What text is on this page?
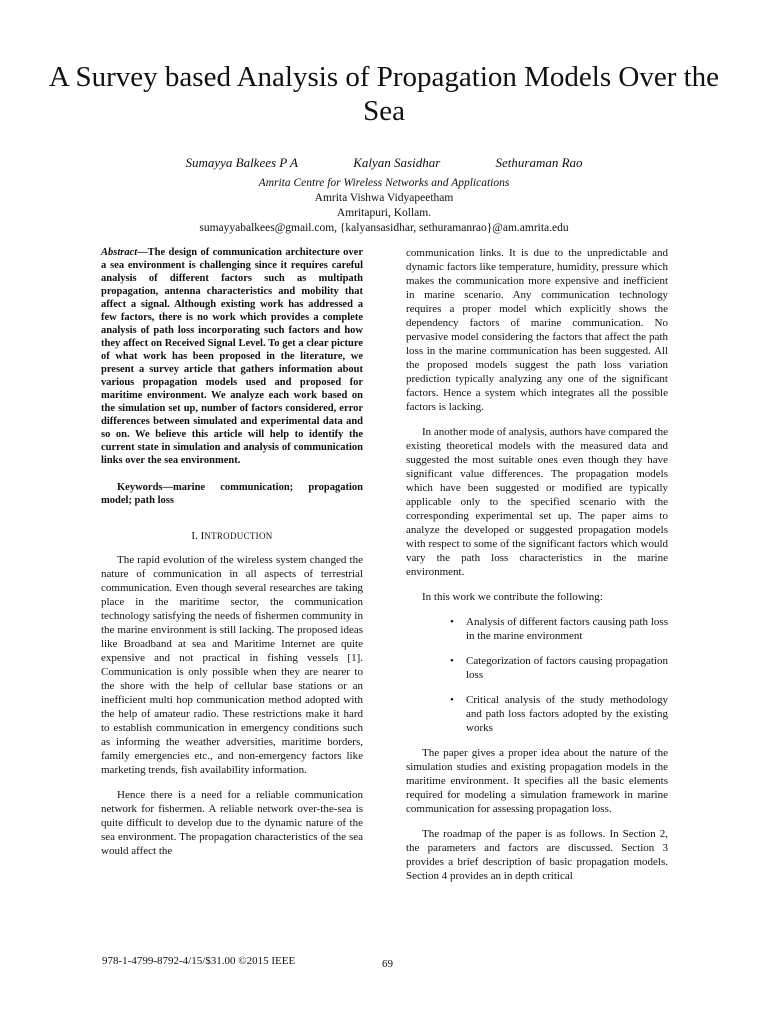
A Survey based Analysis of Propagation Models Over the Sea
Sumayya Balkees P A	Kalyan Sasidhar	Sethuraman Rao
Amrita Centre for Wireless Networks and Applications
Amrita Vishwa Vidyapeetham
Amritapuri, Kollam.
sumayyabalkees@gmail.com, {kalyansasidhar, sethuramanrao}@am.amrita.edu

Abstract—The design of communication architecture over a sea environment is challenging since it requires careful analysis of different factors such as multipath propagation, antenna characteristics and mobility that affect a signal. Although existing work has addressed a few factors, there is no work which provides a complete analysis of path loss incorporating such factors and how they affect on Received Signal Level. To get a clear picture of what work has been proposed in the literature, we present a survey article that gathers information about various propagation models used and proposed for maritime environment. We analyze each work based on the simulation set up, number of factors considered, error differences between simulated and experimental data and so on. We believe this article will help to identify the current state in simulation and analysis of communication links over the sea environment.

Keywords—marine communication; propagation model; path loss

I. INTRODUCTION

The rapid evolution of the wireless system changed the nature of communication in all aspects of terrestrial communication. Even though several researches are taking place in the maritime sector, the communication technology satisfying the needs of fishermen community in the marine environment is still lacking. The proposed ideas like Broadband at sea and Maritime Internet are quite expensive and not practical in fishing vessels [1]. Communication is only possible when they are nearer to the shore with the help of cellular base stations or an inefficient multi hop communication method adopted with the help of amateur radio. These restrictions make it hard to establish communication in emergency conditions such as informing the weather adversities, maritime borders, family emergencies etc., and non-emergency factors like marketing trends, fish availability information.

Hence there is a need for a reliable communication network for fishermen. A reliable network over-the-sea is quite difficult to develop due to the dynamic nature of the sea environment. The propagation characteristics of the sea would affect the

communication links. It is due to the unpredictable and dynamic factors like temperature, humidity, pressure which makes the communication more expensive and inefficient in marine scenario. Any communication technology requires a proper model which explicitly shows the dependency factors of marine communication. No pervasive model considering the factors that affect the path loss in the marine communication has been suggested. All the proposed models suggest the path loss variation prediction typically analyzing any one of the significant factors. Hence a system which integrates all the possible factors is lacking.

In another mode of analysis, authors have compared the existing theoretical models with the measured data and suggested the most suitable ones even though they have significant value differences. The propagation models which have been suggested or modified are typically applicable only to the specified scenario with the corresponding experimental set up. The paper aims to analyze the developed or suggested propagation models with respect to some of the significant factors which would vary the path loss characteristics in the marine environment.

In this work we contribute the following:

• Analysis of different factors causing path loss in the marine environment
• Categorization of factors causing propagation loss
• Critical analysis of the study methodology and path loss factors adopted by the existing works

The paper gives a proper idea about the nature of the simulation studies and existing propagation models in the maritime environment. It specifies all the basic elements required for modeling a simulation framework in marine communication for assessing propagation loss.

The roadmap of the paper is as follows. In Section 2, the parameters and factors are discussed. Section 3 provides a brief description of basic propagation models. Section 4 provides an in depth critical

978-1-4799-8792-4/15/$31.00 ©2015 IEEE	69
